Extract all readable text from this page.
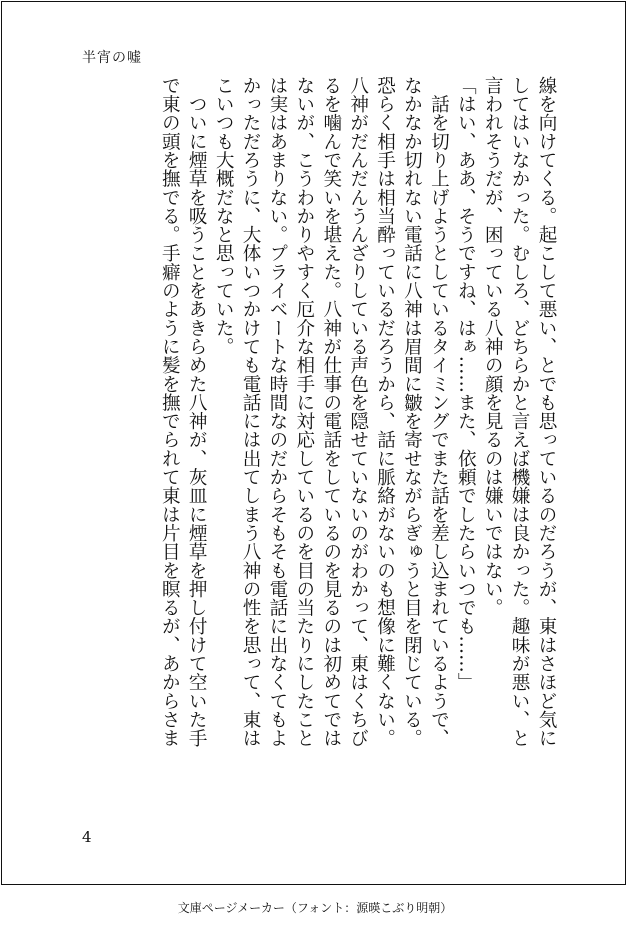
半宵の嘘

線を向けてくる。起こして悪い、とでも思っているのだろうが、東はさほど気に

してはいなかった。むしろ、どちらかと言えば機嫌は良かった。趣味が悪い、と

言われそうだが、困っている八神の顔を見るのは嫌いではない。

「はい、ああ、そうですね、はぁ……また、依頼でしたらいつでも……」

　話を切り上げようとしているタイミングでまた話を差し込まれているようで、

なかなか切れない電話に八神は眉間に皺を寄せながらぎゅうと目を閉じている。

恐らく相手は相当酔っているだろうから、話に脈絡がないのも想像に難くない。

八神がだんだんうんざりしている声色を隠せていないのがわかって、東はくちび

るを噛んで笑いを堪えた。八神が仕事の電話をしているのを見るのは初めてでは

ないが、こうわかりやすく厄介な相手に対応しているのを目の当たりにしたこと

は実はあまりない。プライベートな時間なのだからそもそも電話に出なくてもよ

かっただろうに、大体いつかけても電話には出てしまう八神の性を思って、東は

こいつも大概だなと思っていた。

　ついに煙草を吸うことをあきらめた八神が、灰皿に煙草を押し付けて空いた手

で東の頭を撫でる。手癖のように髪を撫でられて東は片目を瞑るが、あからさま

4
文庫ページメーカー（フォント：源暎こぶり明朝）
